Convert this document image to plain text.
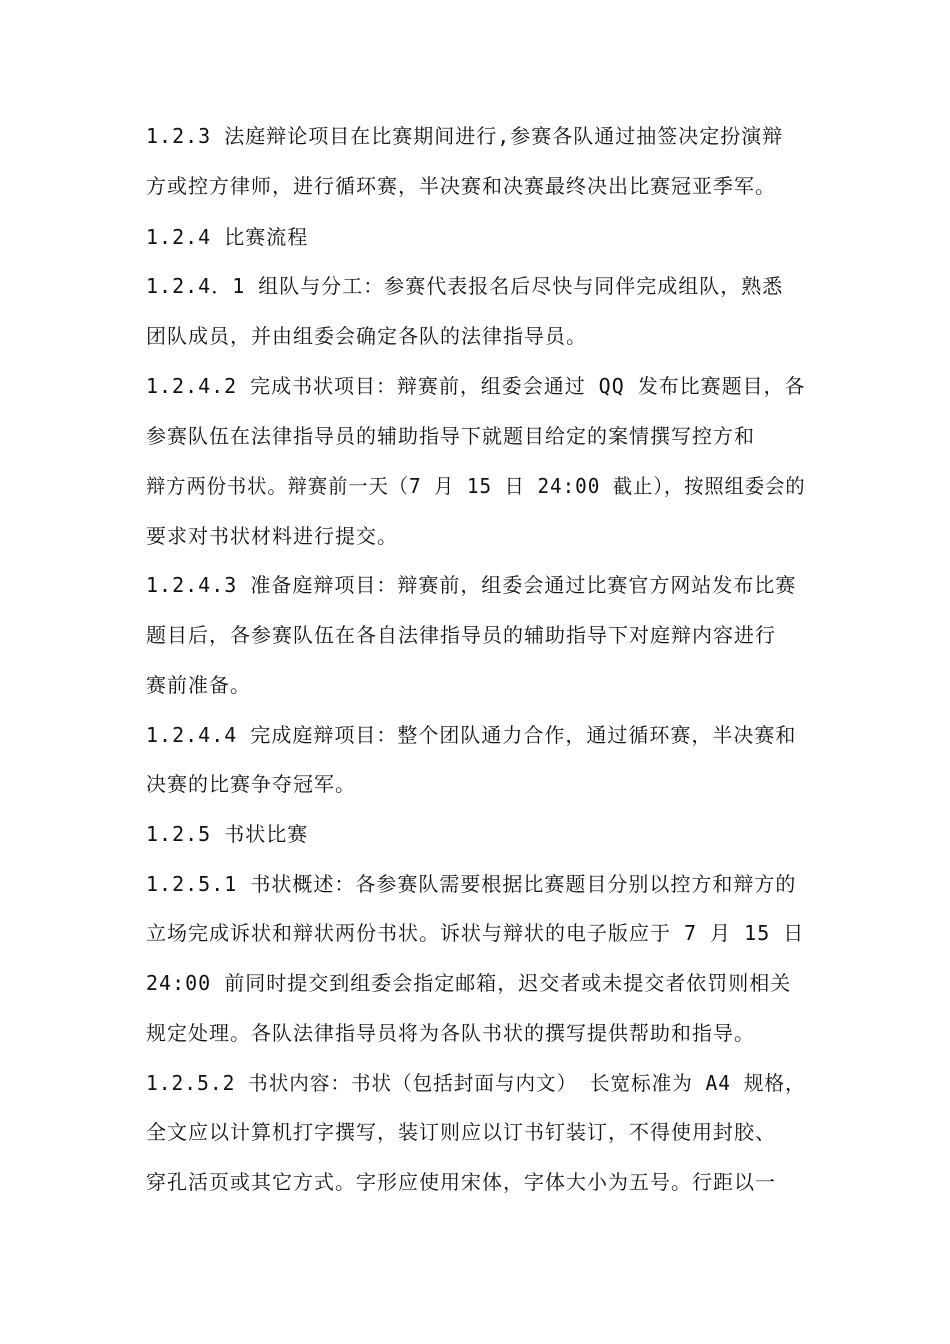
1.2.3 法庭辩论项目在比赛期间进行,参赛各队通过抽签决定扮演辩
方或控方律师，进行循环赛，半决赛和决赛最终决出比赛冠亚季军。
1.2.4 比赛流程
1.2.4．1 组队与分工：参赛代表报名后尽快与同伴完成组队，熟悉
团队成员，并由组委会确定各队的法律指导员。
1.2.4.2 完成书状项目：辩赛前，组委会通过 QQ 发布比赛题目，各
参赛队伍在法律指导员的辅助指导下就题目给定的案情撰写控方和
辩方两份书状。辩赛前一天（7 月 15 日 24:00 截止），按照组委会的
要求对书状材料进行提交。
1.2.4.3 准备庭辩项目：辩赛前，组委会通过比赛官方网站发布比赛
题目后，各参赛队伍在各自法律指导员的辅助指导下对庭辩内容进行
赛前准备。
1.2.4.4 完成庭辩项目：整个团队通力合作，通过循环赛，半决赛和
决赛的比赛争夺冠军。
1.2.5 书状比赛
1.2.5.1 书状概述：各参赛队需要根据比赛题目分别以控方和辩方的
立场完成诉状和辩状两份书状。诉状与辩状的电子版应于 7 月 15 日
24:00 前同时提交到组委会指定邮箱，迟交者或未提交者依罚则相关
规定处理。各队法律指导员将为各队书状的撰写提供帮助和指导。
1.2.5.2 书状内容：书状（包括封面与内文） 长宽标准为 A4 规格，
全文应以计算机打字撰写，装订则应以订书钉装订，不得使用封胶、
穿孔活页或其它方式。字形应使用宋体，字体大小为五号。行距以一
